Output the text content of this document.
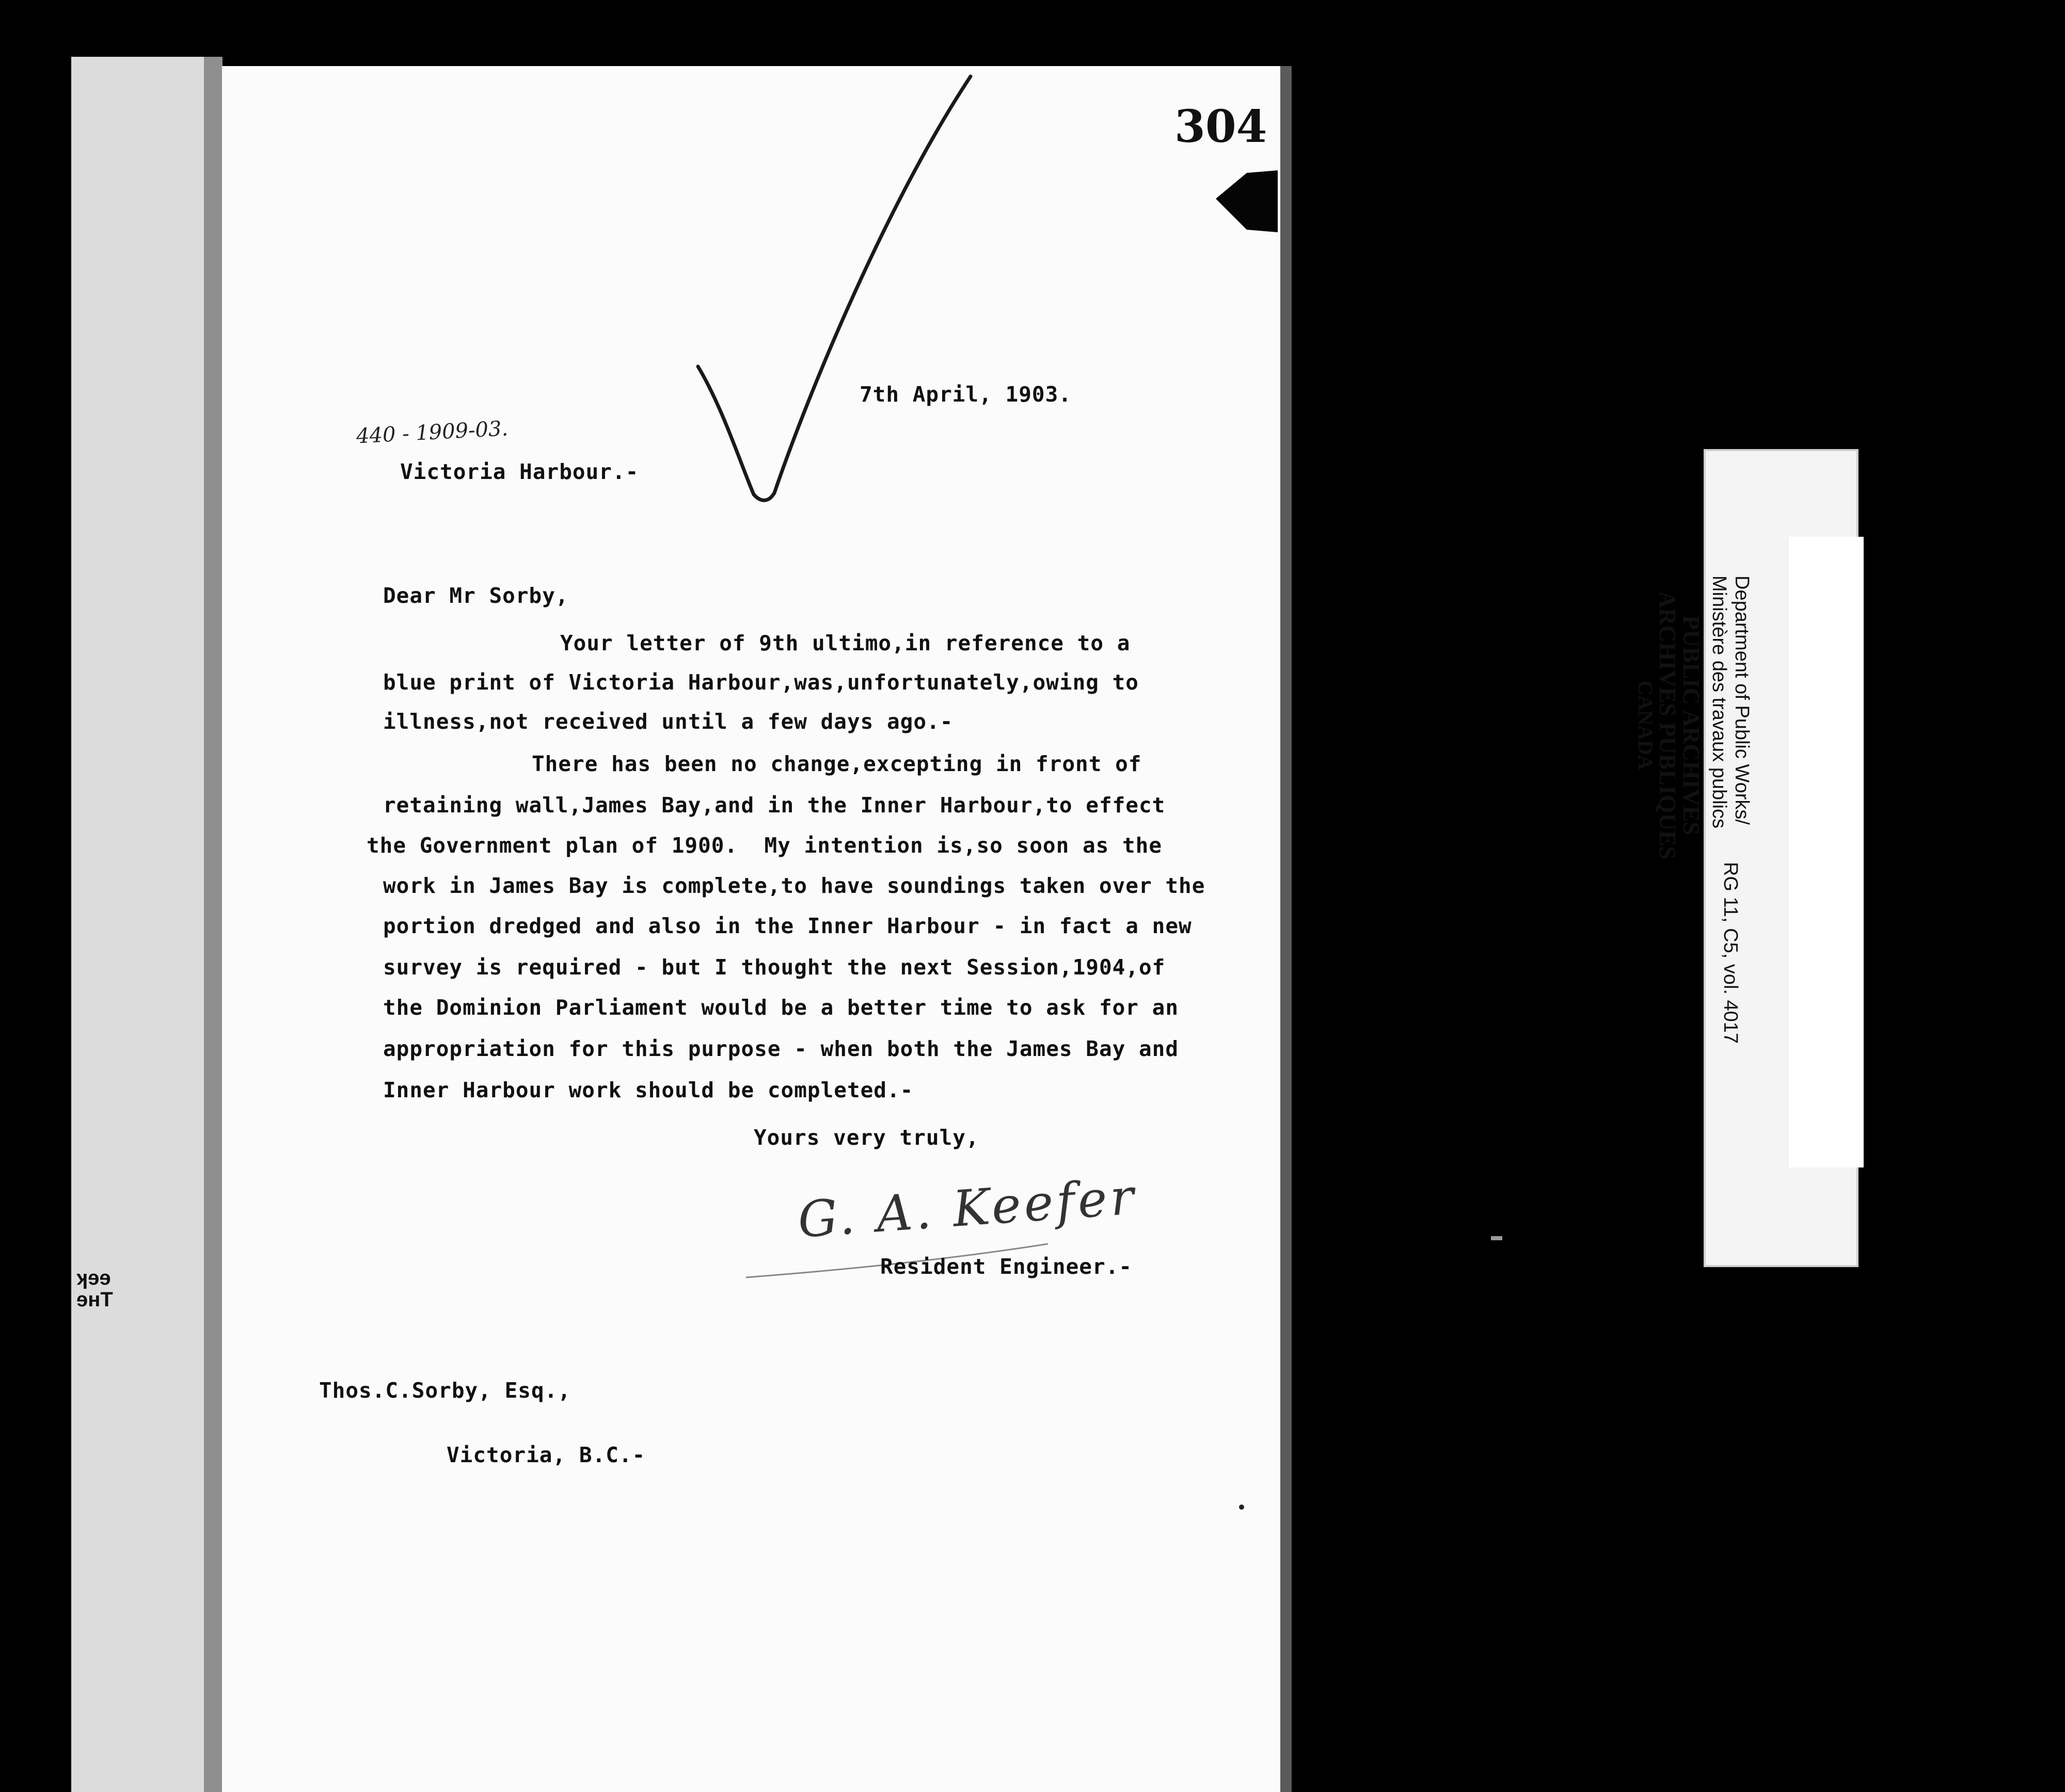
ʞɘɘ
ɘʜT
304
7th April, 1903.
440 - 1909-03.
Victoria Harbour.-
Dear Mr Sorby,
Your letter of 9th ultimo,in reference to a
blue print of Victoria Harbour,was,unfortunately,owing to
illness,not received until a few days ago.-
There has been no change,excepting in front of
retaining wall,James Bay,and in the Inner Harbour,to effect
the Government plan of 1900.  My intention is,so soon as the
work in James Bay is complete,to have soundings taken over the
portion dredged and also in the Inner Harbour - in fact a new
survey is required - but I thought the next Session,1904,of
the Dominion Parliament would be a better time to ask for an
appropriation for this purpose - when both the James Bay and
Inner Harbour work should be completed.-
Yours very truly,
G. A. Keefer
Resident Engineer.-
Thos.C.Sorby, Esq.,
Victoria, B.C.-
Department of Public Works/
Ministère des travaux publics
RG 11, C5, vol. 4017
PUBLIC ARCHIVES
ARCHIVES PUBLIQUES
CANADA
